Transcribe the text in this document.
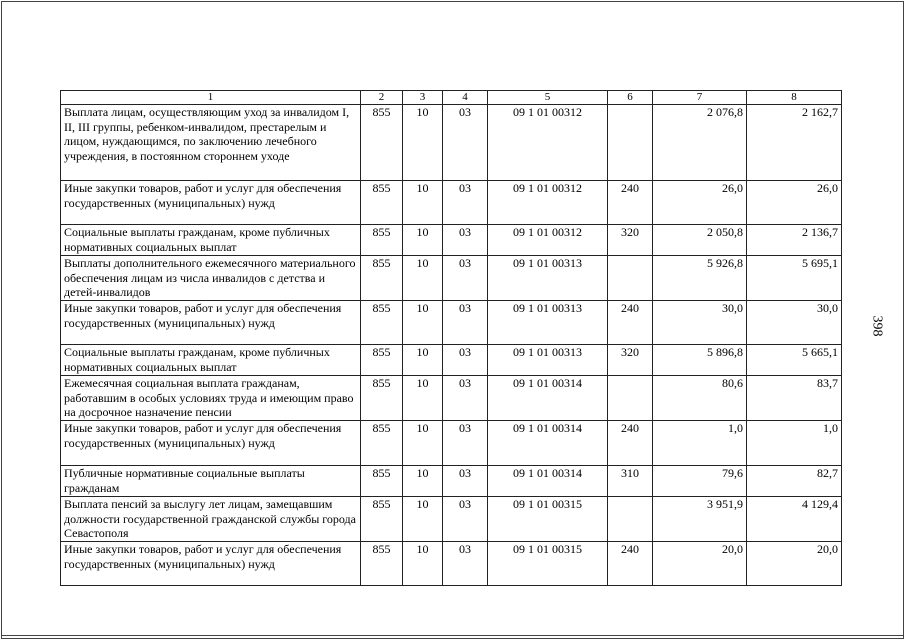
1	2	3	4	5	6	7	8
Выплата лицам, осуществляющим уход за инвалидом I, II, III группы, ребенком-инвалидом, престарелым и лицом, нуждающимся, по заключению лечебного учреждения, в постоянном стороннем уходе	855	10	03	09 1 01 00312		2 076,8	2 162,7
Иные закупки товаров, работ и услуг для обеспечения государственных (муниципальных) нужд	855	10	03	09 1 01 00312	240	26,0	26,0
Социальные выплаты гражданам, кроме публичных нормативных социальных выплат	855	10	03	09 1 01 00312	320	2 050,8	2 136,7
Выплаты дополнительного ежемесячного материального обеспечения лицам из числа инвалидов с детства и детей-инвалидов	855	10	03	09 1 01 00313		5 926,8	5 695,1
Иные закупки товаров, работ и услуг для обеспечения государственных (муниципальных) нужд	855	10	03	09 1 01 00313	240	30,0	30,0
Социальные выплаты гражданам, кроме публичных нормативных социальных выплат	855	10	03	09 1 01 00313	320	5 896,8	5 665,1
Ежемесячная социальная выплата гражданам, работавшим в особых условиях труда и имеющим право на досрочное назначение пенсии	855	10	03	09 1 01 00314		80,6	83,7
Иные закупки товаров, работ и услуг для обеспечения государственных (муниципальных) нужд	855	10	03	09 1 01 00314	240	1,0	1,0
Публичные нормативные социальные выплаты гражданам	855	10	03	09 1 01 00314	310	79,6	82,7
Выплата пенсий за выслугу лет лицам, замещавшим должности государственной гражданской службы города Севастополя	855	10	03	09 1 01 00315		3 951,9	4 129,4
Иные закупки товаров, работ и услуг для обеспечения государственных (муниципальных) нужд	855	10	03	09 1 01 00315	240	20,0	20,0
398
